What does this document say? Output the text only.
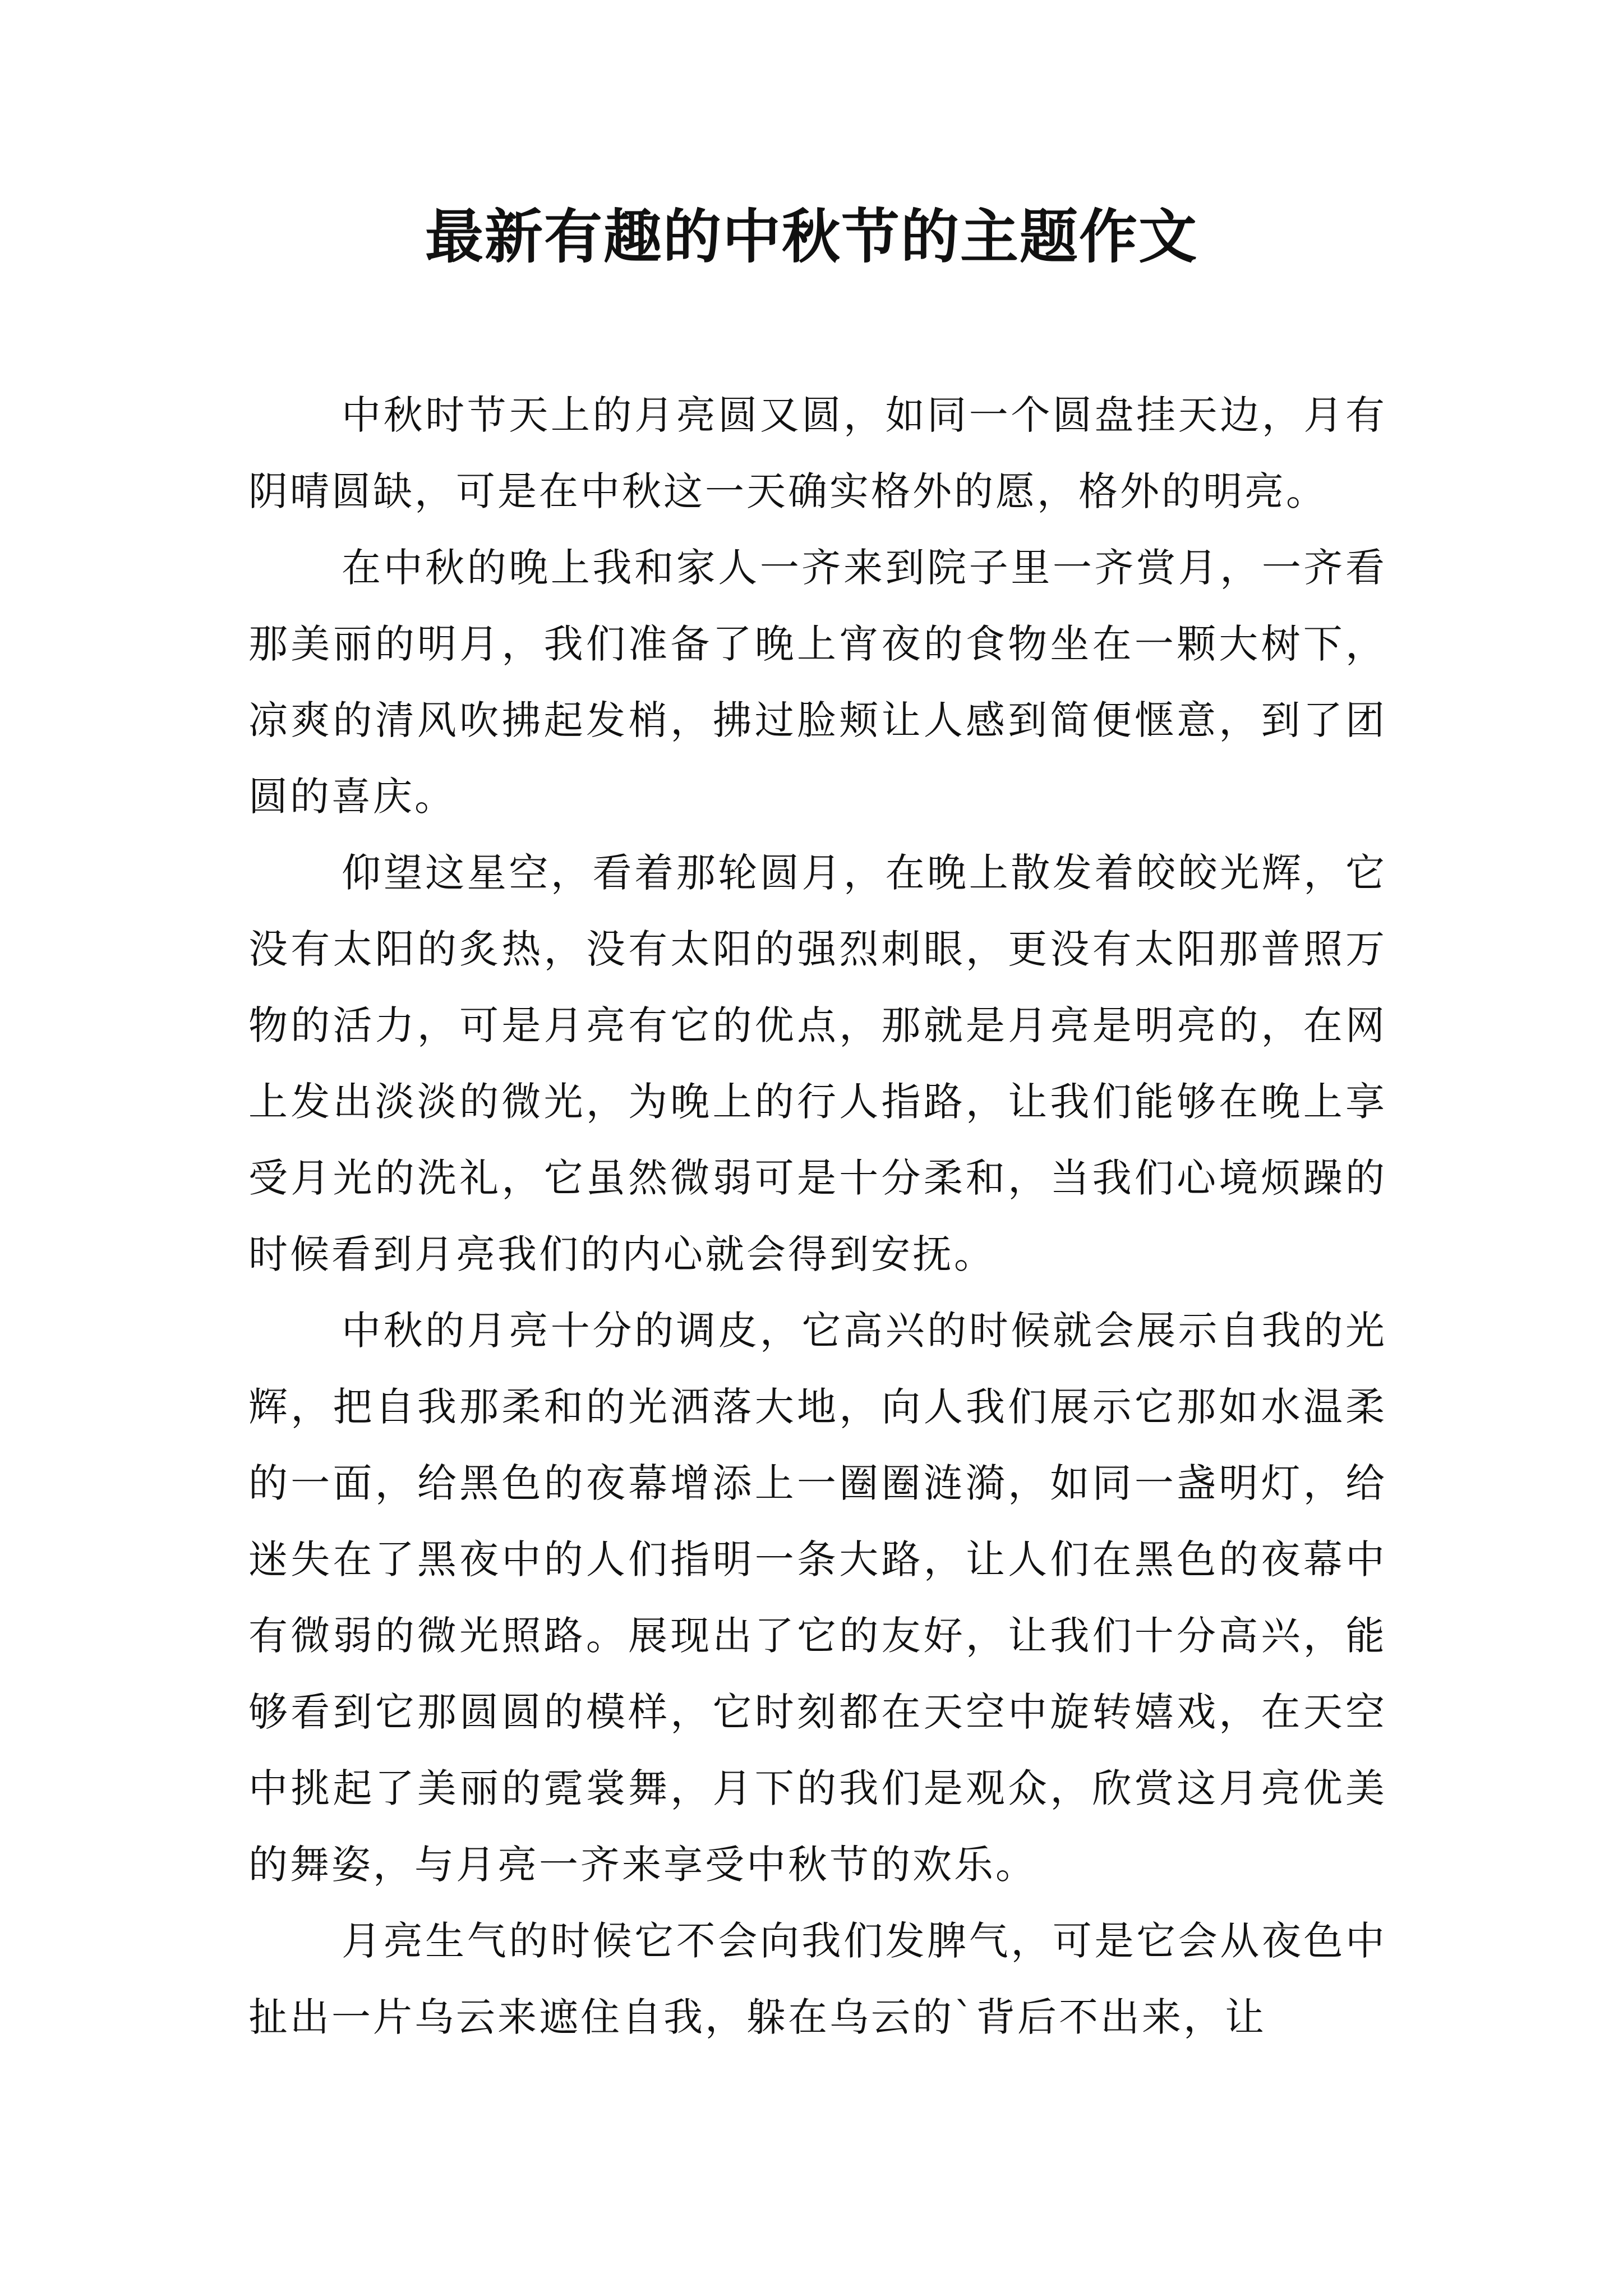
最新有趣的中秋节的主题作文

中秋时节天上的月亮圆又圆，如同一个圆盘挂天边，月有阴晴圆缺，可是在中秋这一天确实格外的愿，格外的明亮。

在中秋的晚上我和家人一齐来到院子里一齐赏月，一齐看那美丽的明月，我们准备了晚上宵夜的食物坐在一颗大树下，凉爽的清风吹拂起发梢，拂过脸颊让人感到简便惬意，到了团圆的喜庆。

仰望这星空，看着那轮圆月，在晚上散发着皎皎光辉，它没有太阳的炙热，没有太阳的强烈刺眼，更没有太阳那普照万物的活力，可是月亮有它的优点，那就是月亮是明亮的，在网上发出淡淡的微光，为晚上的行人指路，让我们能够在晚上享受月光的洗礼，它虽然微弱可是十分柔和，当我们心境烦躁的时候看到月亮我们的内心就会得到安抚。

中秋的月亮十分的调皮，它高兴的时候就会展示自我的光辉，把自我那柔和的光洒落大地，向人我们展示它那如水温柔的一面，给黑色的夜幕增添上一圈圈涟漪，如同一盏明灯，给迷失在了黑夜中的人们指明一条大路，让人们在黑色的夜幕中有微弱的微光照路。展现出了它的友好，让我们十分高兴，能够看到它那圆圆的模样，它时刻都在天空中旋转嬉戏，在天空中挑起了美丽的霓裳舞，月下的我们是观众，欣赏这月亮优美的舞姿，与月亮一齐来享受中秋节的欢乐。

月亮生气的时候它不会向我们发脾气，可是它会从夜色中扯出一片乌云来遮住自我，躲在乌云的`背后不出来，让
